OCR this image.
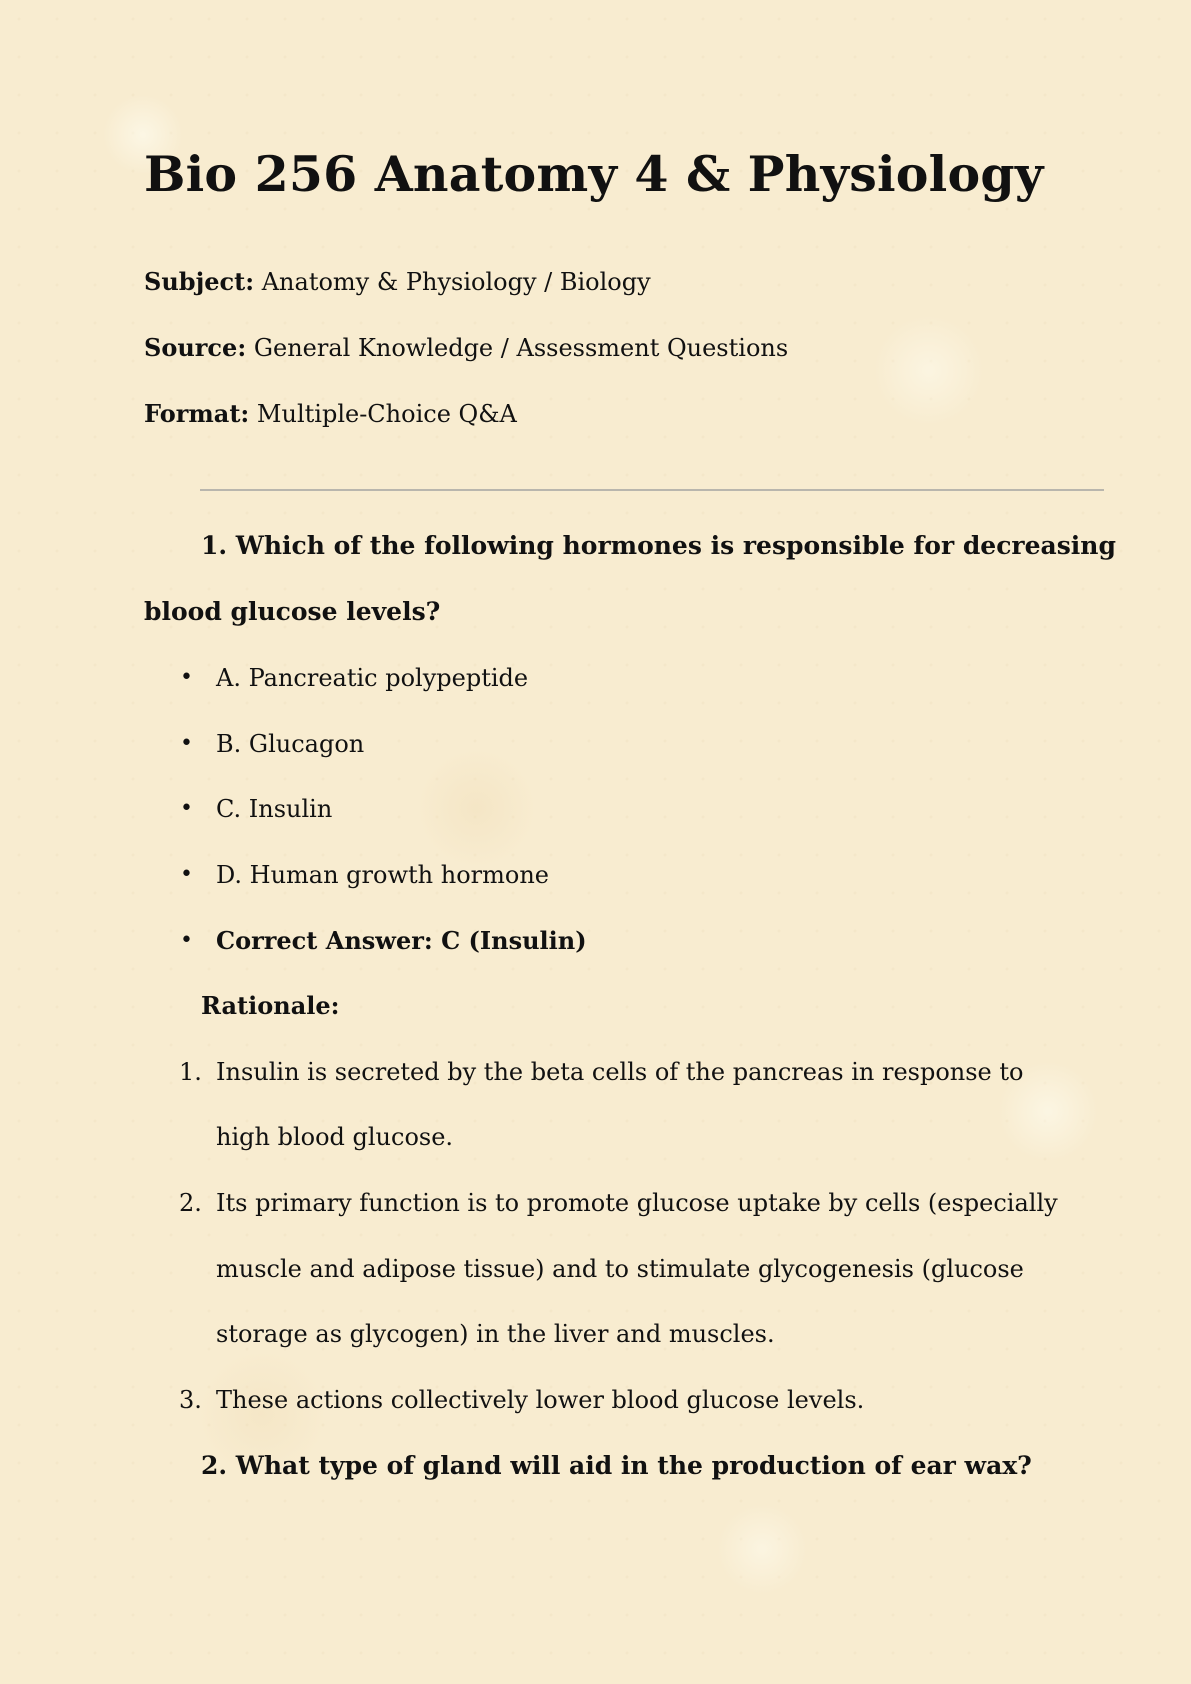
Bio 256 Anatomy 4 & Physiology
Subject: Anatomy & Physiology / Biology
Source: General Knowledge / Assessment Questions
Format: Multiple-Choice Q&A
1. Which of the following hormones is responsible for decreasing
blood glucose levels?
• A. Pancreatic polypeptide
• B. Glucagon
• C. Insulin
• D. Human growth hormone
• Correct Answer: C (Insulin)
Rationale:
1. Insulin is secreted by the beta cells of the pancreas in response to
high blood glucose.
2. Its primary function is to promote glucose uptake by cells (especially
muscle and adipose tissue) and to stimulate glycogenesis (glucose
storage as glycogen) in the liver and muscles.
3. These actions collectively lower blood glucose levels.
2. What type of gland will aid in the production of ear wax?
